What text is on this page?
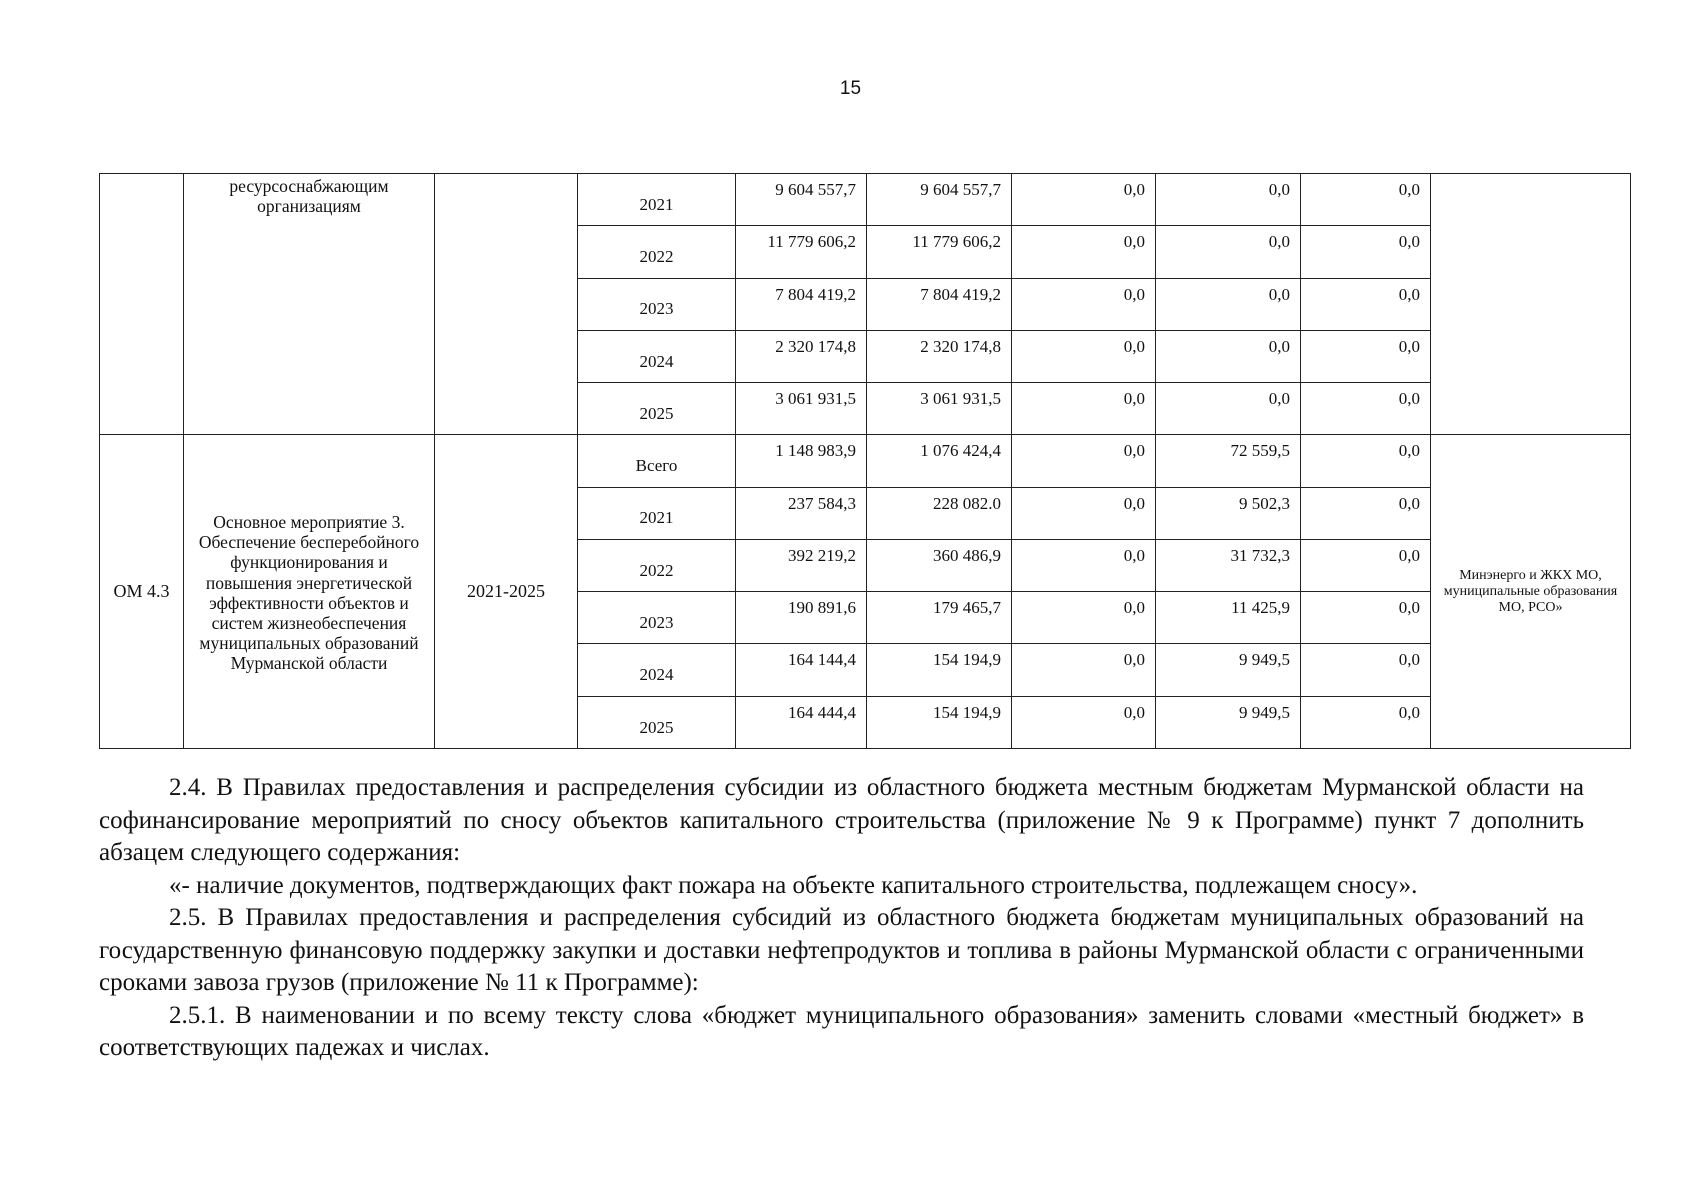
15
	ресурсоснабжающим организациям		2021	9 604 557,7	9 604 557,7	0,0	0,0	0,0	
			2022	11 779 606,2	11 779 606,2	0,0	0,0	0,0	
			2023	7 804 419,2	7 804 419,2	0,0	0,0	0,0	
			2024	2 320 174,8	2 320 174,8	0,0	0,0	0,0	
			2025	3 061 931,5	3 061 931,5	0,0	0,0	0,0	
ОМ 4.3	Основное мероприятие 3. Обеспечение бесперебойного функционирования и повышения энергетической эффективности объектов и систем жизнеобеспечения муниципальных образований Мурманской области	2021-2025	Всего	1 148 983,9	1 076 424,4	0,0	72 559,5	0,0	Минэнерго и ЖКХ МО, муниципальные образования МО, РСО»
			2021	237 584,3	228 082.0	0,0	9 502,3	0,0	
			2022	392 219,2	360 486,9	0,0	31 732,3	0,0	
			2023	190 891,6	179 465,7	0,0	11 425,9	0,0	
			2024	164 144,4	154 194,9	0,0	9 949,5	0,0	
			2025	164 444,4	154 194,9	0,0	9 949,5	0,0	

2.4. В Правилах предоставления и распределения субсидии из областного бюджета местным бюджетам Мурманской области на софинансирование мероприятий по сносу объектов капитального строительства (приложение № 9 к Программе) пункт 7 дополнить абзацем следующего содержания:

«- наличие документов, подтверждающих факт пожара на объекте капитального строительства, подлежащем сносу».

2.5. В Правилах предоставления и распределения субсидий из областного бюджета бюджетам муниципальных образований на государственную финансовую поддержку закупки и доставки нефтепродуктов и топлива в районы Мурманской области с ограниченными сроками завоза грузов (приложение № 11 к Программе):

2.5.1. В наименовании и по всему тексту слова «бюджет муниципального образования» заменить словами «местный бюджет» в соответствующих падежах и числах.
